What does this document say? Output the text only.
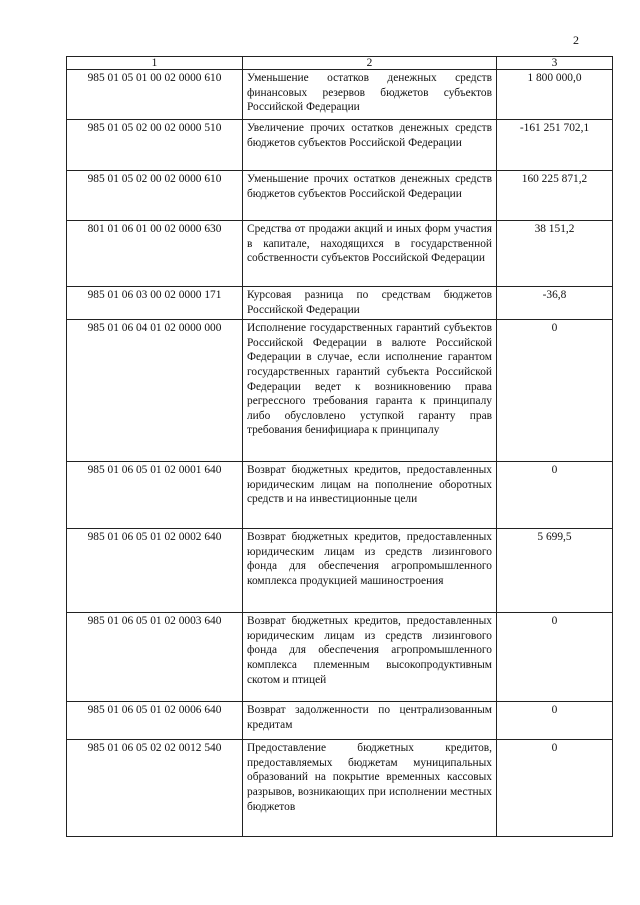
2
1	2	3
985 01 05 01 00 02 0000 610	Уменьшение остатков денежных средств финансовых резервов бюджетов субъектов Российской Федерации	1 800 000,0
985 01 05 02 00 02 0000 510	Увеличение прочих остатков денежных средств бюджетов субъектов Российской Федерации	-161 251 702,1
985 01 05 02 00 02 0000 610	Уменьшение прочих остатков денежных средств бюджетов субъектов Российской Федерации	160 225 871,2
801 01 06 01 00 02 0000 630	Средства от продажи акций и иных форм участия в капитале, находящихся в государственной собственности субъектов Российской Федерации	38 151,2
985 01 06 03 00 02 0000 171	Курсовая разница по средствам бюджетов Российской Федерации	-36,8
985 01 06 04 01 02 0000 000	Исполнение государственных гарантий субъектов Российской Федерации в валюте Российской Федерации в случае, если исполнение гарантом государственных гарантий субъекта Российской Федерации ведет к возникновению права регрессного требования гаранта к принципалу либо обусловлено уступкой гаранту прав требования бенифициара к принципалу	0
985 01 06 05 01 02 0001 640	Возврат бюджетных кредитов, предоставленных юридическим лицам на пополнение оборотных средств и на инвестиционные цели	0
985 01 06 05 01 02 0002 640	Возврат бюджетных кредитов, предоставленных юридическим лицам из средств лизингового фонда для обеспечения агропромышленного комплекса продукцией машиностроения	5 699,5
985 01 06 05 01 02 0003 640	Возврат бюджетных кредитов, предоставленных юридическим лицам из средств лизингового фонда для обеспечения агропромышленного комплекса племенным высокопродуктивным скотом и птицей	0
985 01 06 05 01 02 0006 640	Возврат задолженности по централизованным кредитам	0
985 01 06 05 02 02 0012 540	Предоставление бюджетных кредитов, предоставляемых бюджетам муниципальных образований на покрытие временных кассовых разрывов, возникающих при исполнении местных бюджетов	0
